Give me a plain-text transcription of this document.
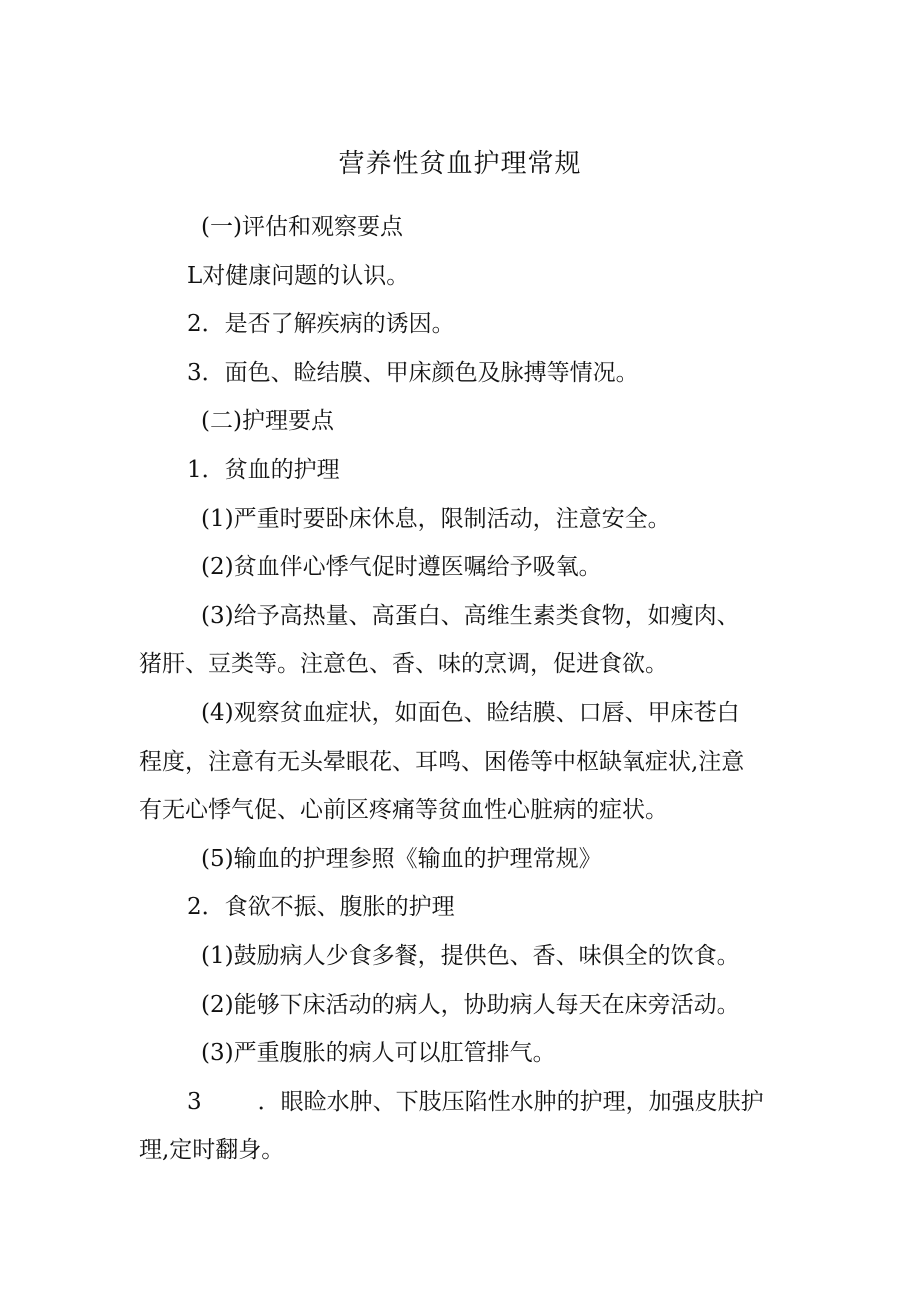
营养性贫血护理常规

(一)评估和观察要点

L对健康问题的认识。

2．是否了解疾病的诱因。

3．面色、睑结膜、甲床颜色及脉搏等情况。

(二)护理要点

1．贫血的护理

(1)严重时要卧床休息，限制活动，注意安全。

(2)贫血伴心悸气促时遵医嘱给予吸氧。

(3)给予高热量、高蛋白、高维生素类食物，如瘦肉、

猪肝、豆类等。注意色、香、味的烹调，促进食欲。

(4)观察贫血症状，如面色、睑结膜、口唇、甲床苍白

程度，注意有无头晕眼花、耳鸣、困倦等中枢缺氧症状,注意

有无心悸气促、心前区疼痛等贫血性心脏病的症状。

(5)输血的护理参照《输血的护理常规》

2．食欲不振、腹胀的护理

(1)鼓励病人少食多餐，提供色、香、味俱全的饮食。

(2)能够下床活动的病人，协助病人每天在床旁活动。

(3)严重腹胀的病人可以肛管排气。

3 ．眼睑水肿、下肢压陷性水肿的护理，加强皮肤护

理,定时翻身。
